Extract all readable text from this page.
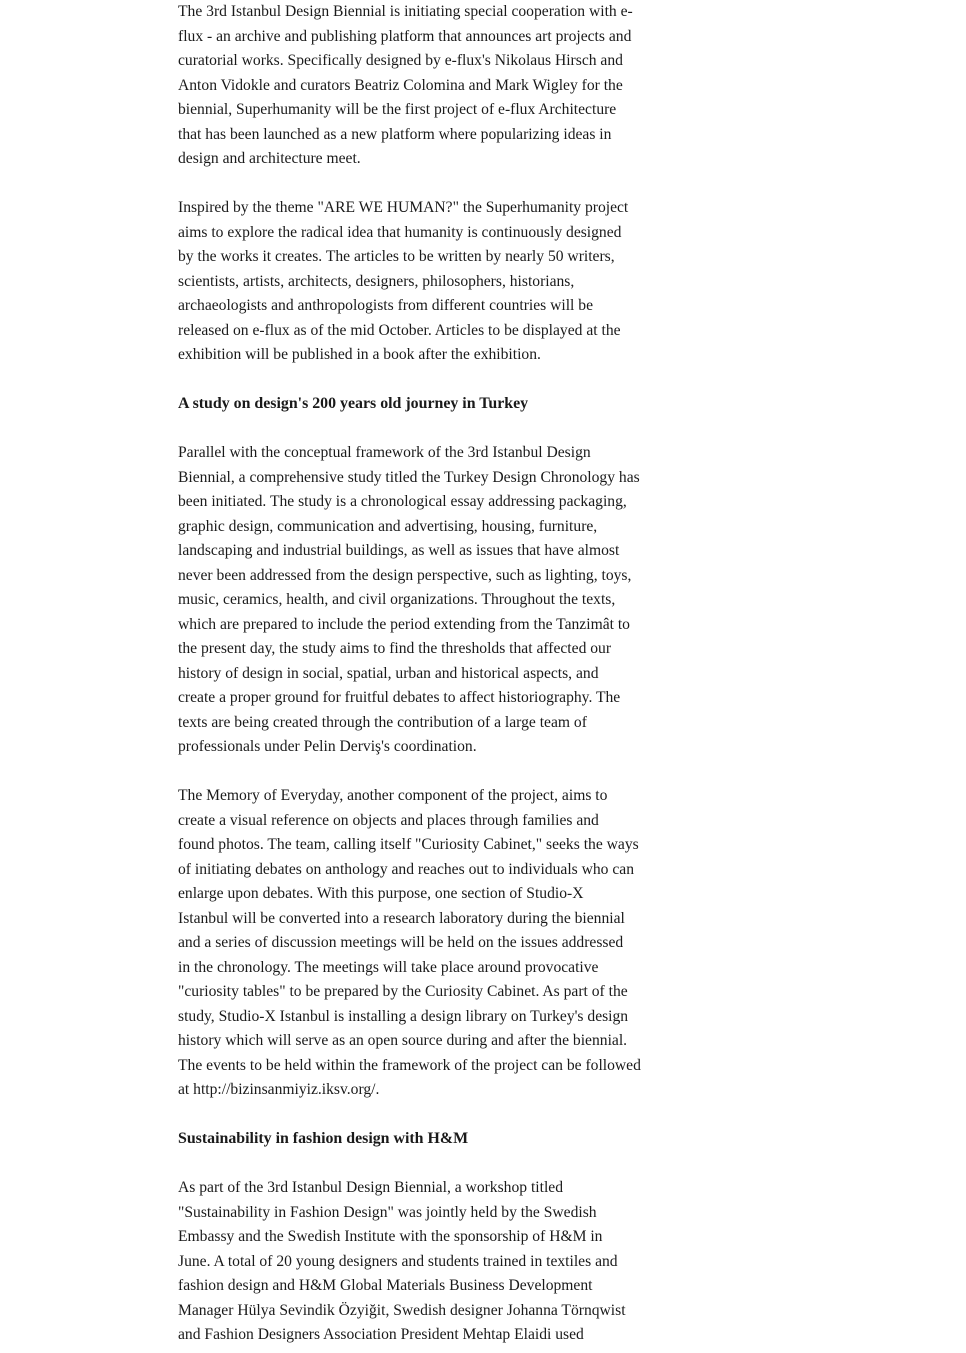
The 3rd Istanbul Design Biennial is initiating special cooperation with e-
flux - an archive and publishing platform that announces art projects and
curatorial works. Specifically designed by e-flux's Nikolaus Hirsch and
Anton Vidokle and curators Beatriz Colomina and Mark Wigley for the
biennial, Superhumanity will be the first project of e-flux Architecture
that has been launched as a new platform where popularizing ideas in
design and architecture meet.

Inspired by the theme "ARE WE HUMAN?" the Superhumanity project
aims to explore the radical idea that humanity is continuously designed
by the works it creates. The articles to be written by nearly 50 writers,
scientists, artists, architects, designers, philosophers, historians,
archaeologists and anthropologists from different countries will be
released on e-flux as of the mid October. Articles to be displayed at the
exhibition will be published in a book after the exhibition.

A study on design's 200 years old journey in Turkey

Parallel with the conceptual framework of the 3rd Istanbul Design
Biennial, a comprehensive study titled the Turkey Design Chronology has
been initiated. The study is a chronological essay addressing packaging,
graphic design, communication and advertising, housing, furniture,
landscaping and industrial buildings, as well as issues that have almost
never been addressed from the design perspective, such as lighting, toys,
music, ceramics, health, and civil organizations. Throughout the texts,
which are prepared to include the period extending from the Tanzimât to
the present day, the study aims to find the thresholds that affected our
history of design in social, spatial, urban and historical aspects, and
create a proper ground for fruitful debates to affect historiography. The
texts are being created through the contribution of a large team of
professionals under Pelin Derviş's coordination.

The Memory of Everyday, another component of the project, aims to
create a visual reference on objects and places through families and
found photos. The team, calling itself "Curiosity Cabinet," seeks the ways
of initiating debates on anthology and reaches out to individuals who can
enlarge upon debates. With this purpose, one section of Studio-X
Istanbul will be converted into a research laboratory during the biennial
and a series of discussion meetings will be held on the issues addressed
in the chronology. The meetings will take place around provocative
"curiosity tables" to be prepared by the Curiosity Cabinet. As part of the
study, Studio-X Istanbul is installing a design library on Turkey's design
history which will serve as an open source during and after the biennial.
The events to be held within the framework of the project can be followed
at http://bizinsanmiyiz.iksv.org/.

Sustainability in fashion design with H&M

As part of the 3rd Istanbul Design Biennial, a workshop titled
"Sustainability in Fashion Design" was jointly held by the Swedish
Embassy and the Swedish Institute with the sponsorship of H&M in
June. A total of 20 young designers and students trained in textiles and
fashion design and H&M Global Materials Business Development
Manager Hülya Sevindik Özyiğit, Swedish designer Johanna Törnqwist
and Fashion Designers Association President Mehtap Elaidi used
